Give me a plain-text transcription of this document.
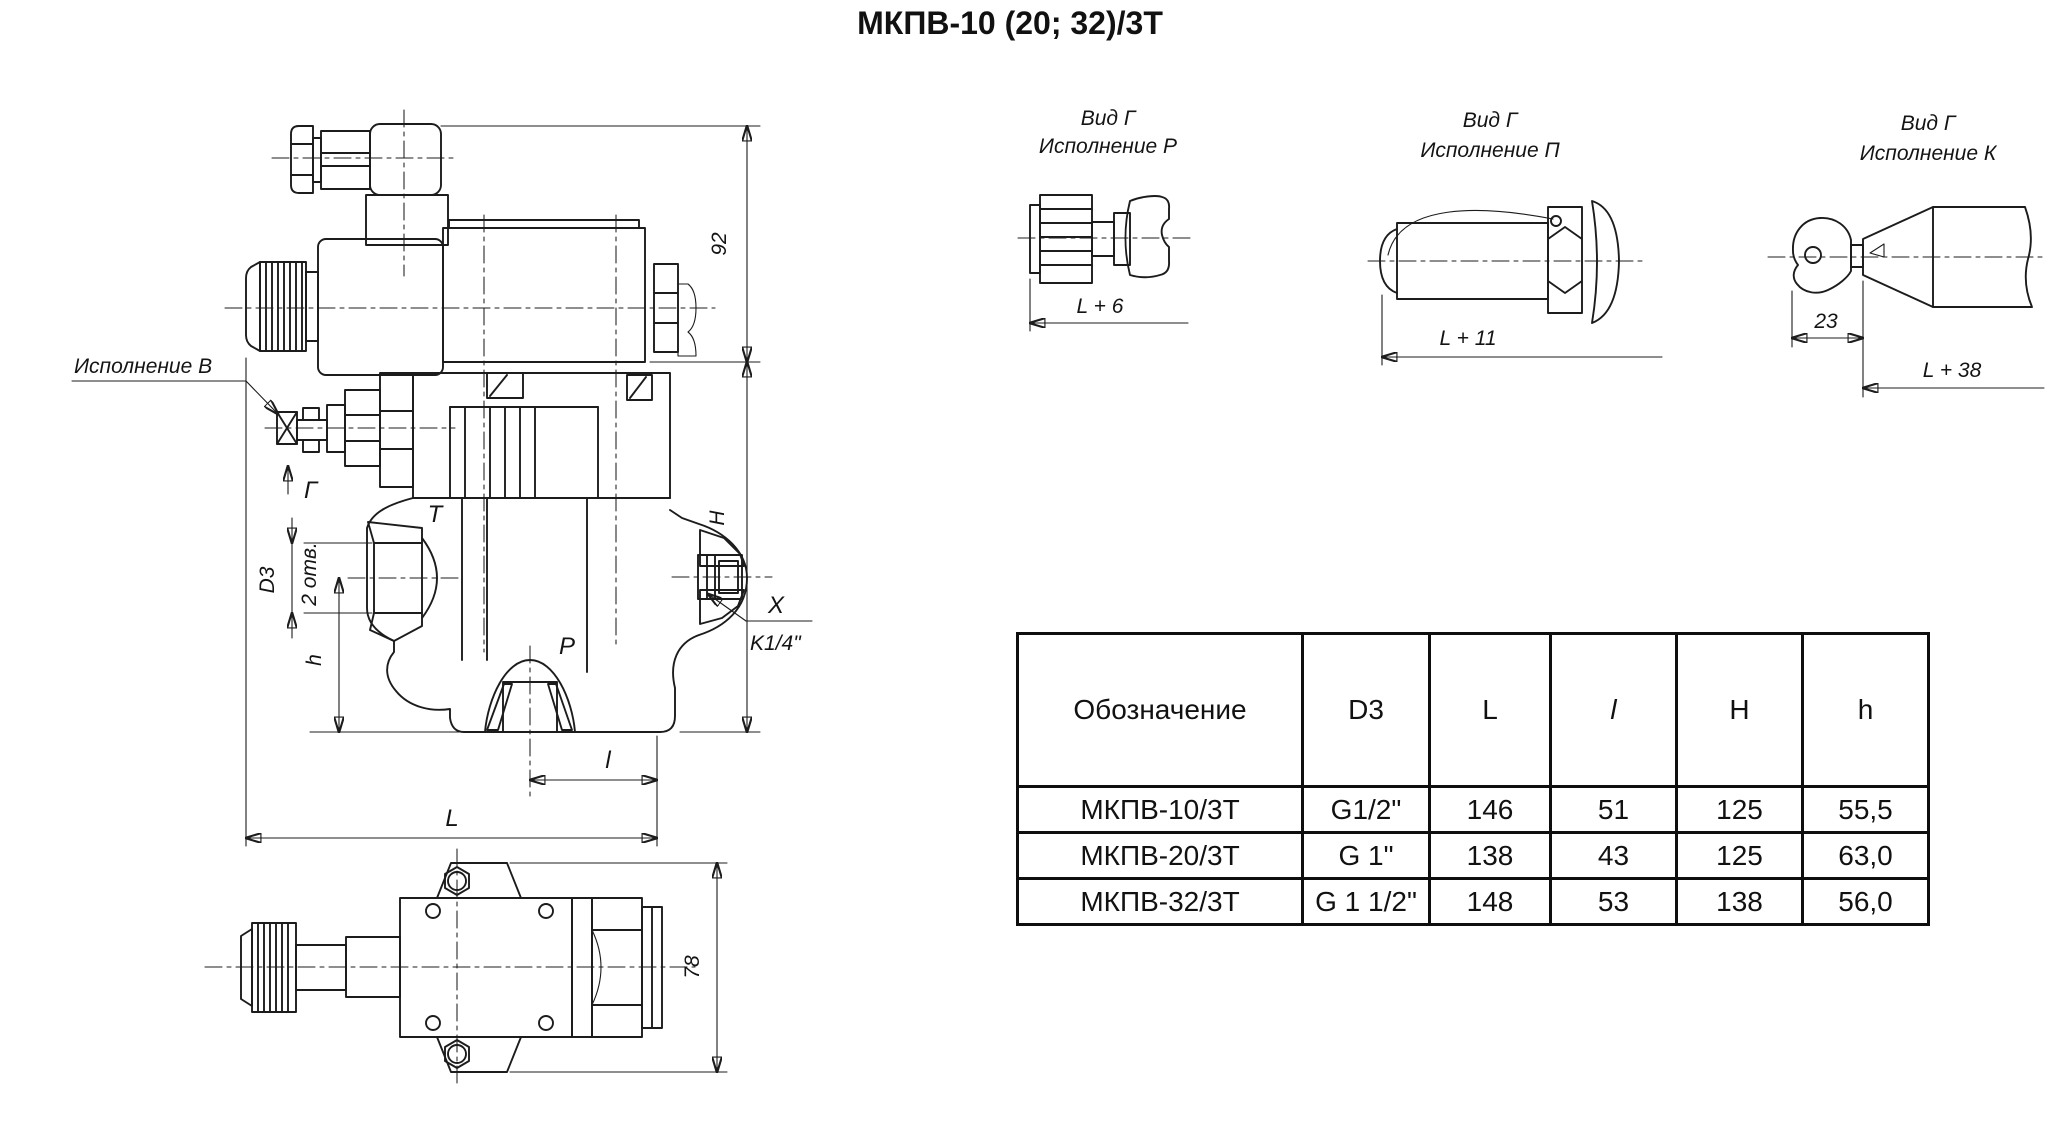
МКПВ-10 (20; 32)/3Т
T
P
X
K1/4"
92
H
D3 2 отв.
h
l
L
Г
Исполнение В
78
Вид Г
Исполнение Р
L + 6
Вид Г
Исполнение П
L + 11
Вид Г
Исполнение К
23
L + 38
Обозначение	D3	L	l	H	h
МКПВ-10/3Т	G1/2"	146	51	125	55,5
МКПВ-20/3Т	G 1"	138	43	125	63,0
МКПВ-32/3Т	G 1 1/2"	148	53	138	56,0
